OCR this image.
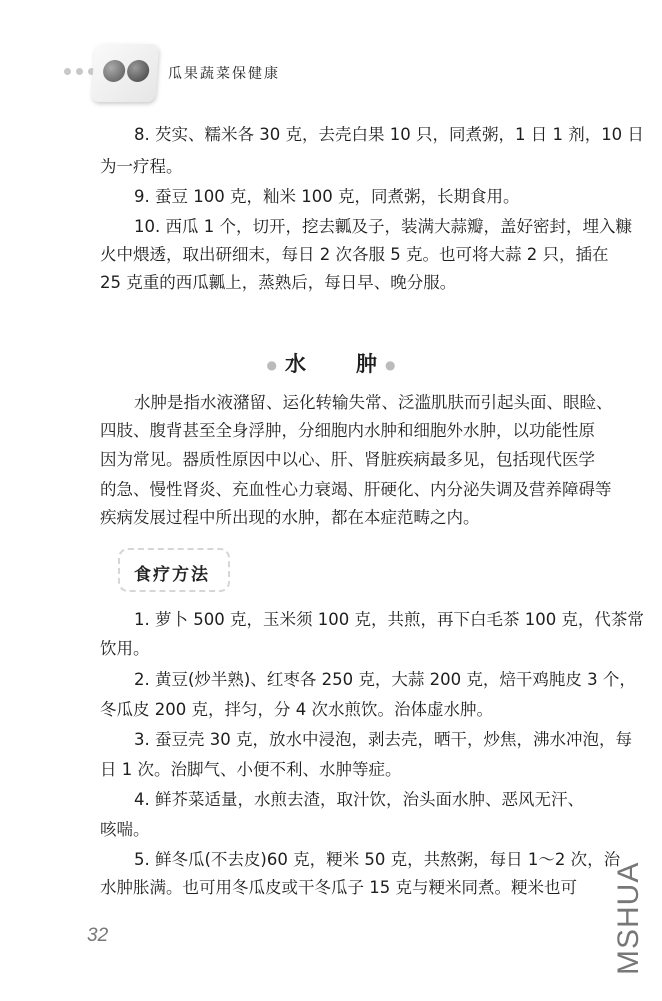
瓜果蔬菜保健康
8. 芡实、糯米各 30 克，去壳白果 10 只，同煮粥，1 日 1 剂，10 日
为一疗程。
9. 蚕豆 100 克，籼米 100 克，同煮粥，长期食用。
10. 西瓜 1 个，切开，挖去瓤及子，装满大蒜瓣，盖好密封，埋入糠
火中煨透，取出研细末，每日 2 次各服 5 克。也可将大蒜 2 只，插在
25 克重的西瓜瓤上，蒸熟后，每日早、晚分服。
● 水 肿 ●
水肿是指水液潴留、运化转输失常、泛滥肌肤而引起头面、眼睑、
四肢、腹背甚至全身浮肿，分细胞内水肿和细胞外水肿，以功能性原
因为常见。器质性原因中以心、肝、肾脏疾病最多见，包括现代医学
的急、慢性肾炎、充血性心力衰竭、肝硬化、内分泌失调及营养障碍等
疾病发展过程中所出现的水肿，都在本症范畴之内。
食疗方法
1. 萝卜 500 克，玉米须 100 克，共煎，再下白毛茶 100 克，代茶常
饮用。
2. 黄豆(炒半熟)、红枣各 250 克，大蒜 200 克，焙干鸡肫皮 3 个，
冬瓜皮 200 克，拌匀，分 4 次水煎饮。治体虚水肿。
3. 蚕豆壳 30 克，放水中浸泡，剥去壳，晒干，炒焦，沸水冲泡，每
日 1 次。治脚气、小便不利、水肿等症。
4. 鲜芥菜适量，水煎去渣，取汁饮，治头面水肿、恶风无汗、
咳喘。
5. 鲜冬瓜(不去皮)60 克，粳米 50 克，共熬粥，每日 1～2 次，治
水肿胀满。也可用冬瓜皮或干冬瓜子 15 克与粳米同煮。粳米也可
32	MSHUA
